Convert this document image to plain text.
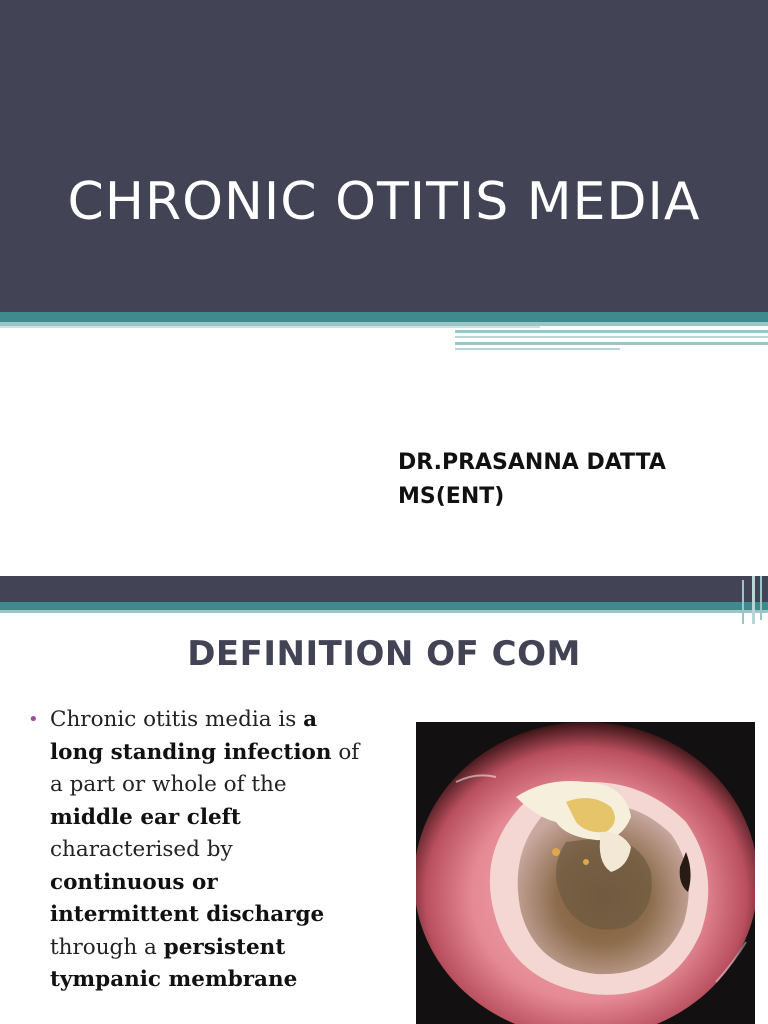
CHRONIC OTITIS MEDIA
DR.PRASANNA DATTA
MS(ENT)
DEFINITION OF COM
• Chronic otitis media is a long standing infection of a part or whole of the middle ear cleft characterised by continuous or intermittent discharge through a persistent tympanic membrane
